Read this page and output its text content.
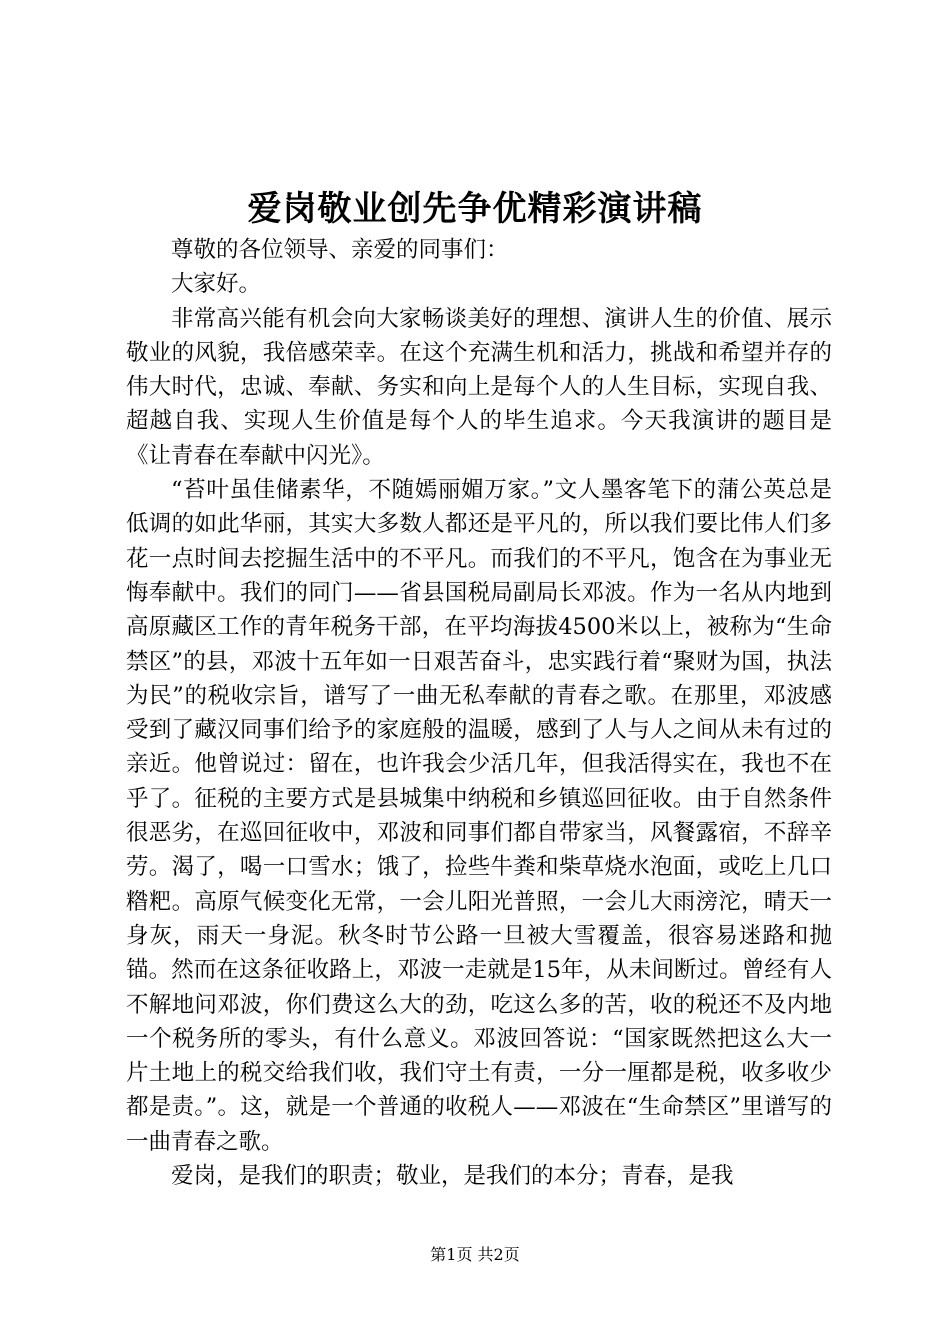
爱岗敬业创先争优精彩演讲稿

尊敬的各位领导、亲爱的同事们：

大家好。

非常高兴能有机会向大家畅谈美好的理想、演讲人生的价值、展示敬业的风貌，我倍感荣幸。在这个充满生机和活力，挑战和希望并存的伟大时代，忠诚、奉献、务实和向上是每个人的人生目标，实现自我、超越自我、实现人生价值是每个人的毕生追求。今天我演讲的题目是《让青春在奉献中闪光》。

“苔叶虽佳储素华，不随嫣丽媚万家。”文人墨客笔下的蒲公英总是低调的如此华丽，其实大多数人都还是平凡的，所以我们要比伟人们多花一点时间去挖掘生活中的不平凡。而我们的不平凡，饱含在为事业无悔奉献中。我们的同门——省县国税局副局长邓波。作为一名从内地到高原藏区工作的青年税务干部，在平均海拔4500米以上，被称为“生命禁区”的县，邓波十五年如一日艰苦奋斗，忠实践行着“聚财为国，执法为民”的税收宗旨，谱写了一曲无私奉献的青春之歌。在那里，邓波感受到了藏汉同事们给予的家庭般的温暖，感到了人与人之间从未有过的亲近。他曾说过：留在，也许我会少活几年，但我活得实在，我也不在乎了。征税的主要方式是县城集中纳税和乡镇巡回征收。由于自然条件很恶劣，在巡回征收中，邓波和同事们都自带家当，风餐露宿，不辞辛劳。渴了，喝一口雪水；饿了，捡些牛粪和柴草烧水泡面，或吃上几口糌粑。高原气候变化无常，一会儿阳光普照，一会儿大雨滂沱，晴天一身灰，雨天一身泥。秋冬时节公路一旦被大雪覆盖，很容易迷路和抛锚。然而在这条征收路上，邓波一走就是15年，从未间断过。曾经有人不解地问邓波，你们费这么大的劲，吃这么多的苦，收的税还不及内地一个税务所的零头，有什么意义。邓波回答说：“国家既然把这么大一片土地上的税交给我们收，我们守土有责，一分一厘都是税，收多收少都是责。”。这，就是一个普通的收税人——邓波在“生命禁区”里谱写的一曲青春之歌。

爱岗，是我们的职责；敬业，是我们的本分；青春，是我

第1页 共2页
